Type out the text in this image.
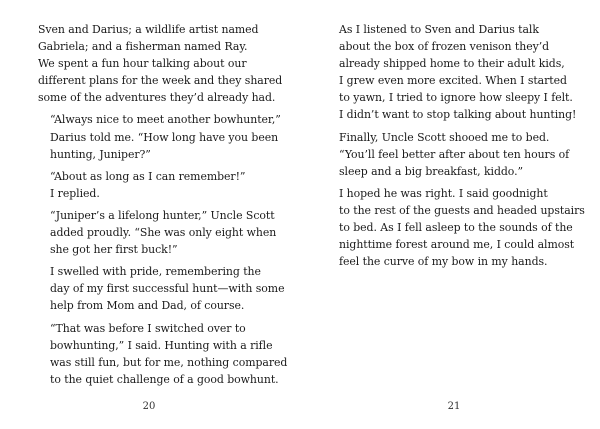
Sven and Darius; a wildlife artist named
Gabriela; and a fisherman named Ray.
We spent a fun hour talking about our
different plans for the week and they shared
some of the adventures they’d already had.

“Always nice to meet another bowhunter,”
Darius told me. “How long have you been
hunting, Juniper?”

“About as long as I can remember!”
I replied.

“Juniper’s a lifelong hunter,” Uncle Scott
added proudly. “She was only eight when
she got her first buck!”

I swelled with pride, remembering the
day of my first successful hunt—with some
help from Mom and Dad, of course.

“That was before I switched over to
bowhunting,” I said. Hunting with a rifle
was still fun, but for me, nothing compared
to the quiet challenge of a good bowhunt.

As I listened to Sven and Darius talk
about the box of frozen venison they’d
already shipped home to their adult kids,
I grew even more excited. When I started
to yawn, I tried to ignore how sleepy I felt.
I didn’t want to stop talking about hunting!

Finally, Uncle Scott shooed me to bed.
“You’ll feel better after about ten hours of
sleep and a big breakfast, kiddo.”

I hoped he was right. I said goodnight
to the rest of the guests and headed upstairs
to bed. As I fell asleep to the sounds of the
nighttime forest around me, I could almost
feel the curve of my bow in my hands.

20	21
